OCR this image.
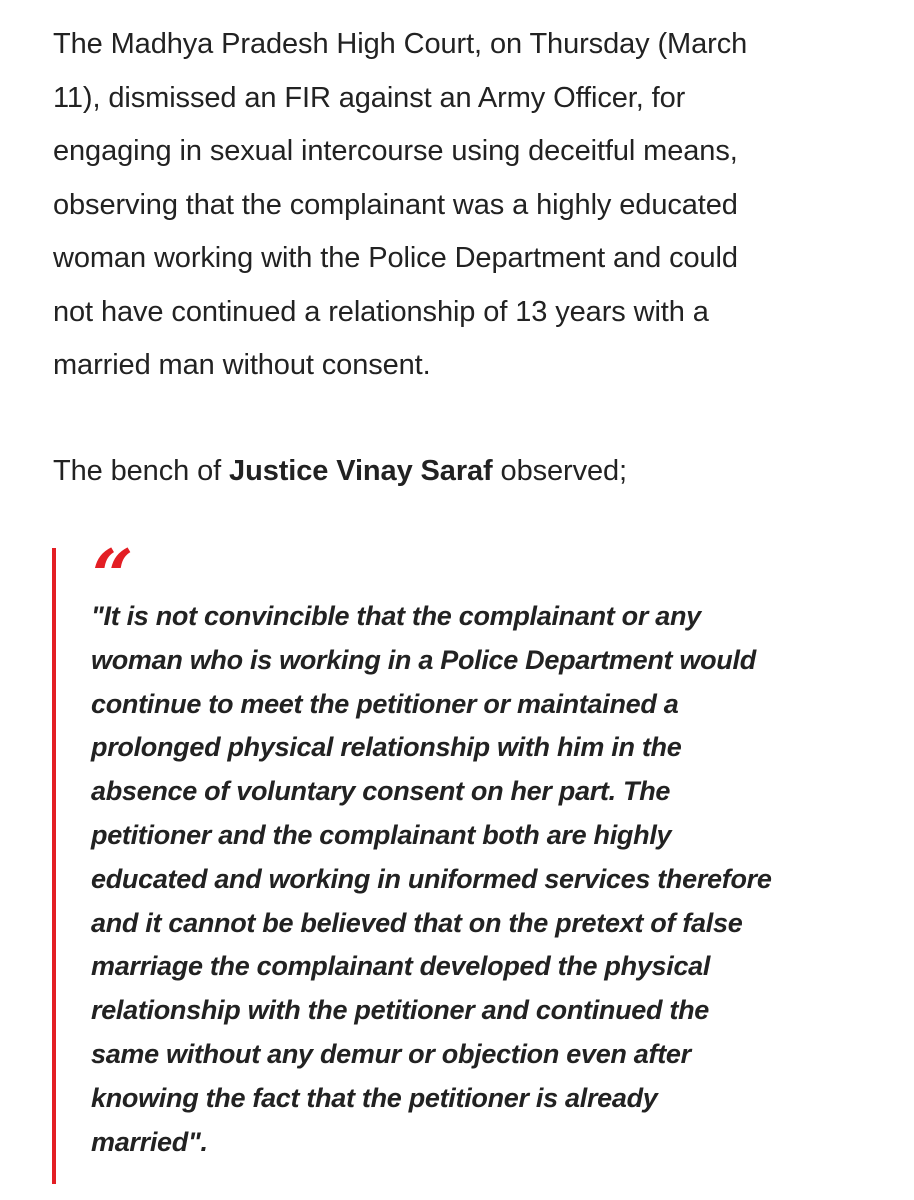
The Madhya Pradesh High Court, on Thursday (March
11), dismissed an FIR against an Army Officer, for
engaging in sexual intercourse using deceitful means,
observing that the complainant was a highly educated
woman working with the Police Department and could
not have continued a relationship of 13 years with a
married man without consent.

The bench of Justice Vinay Saraf observed;

“

"It is not convincible that the complainant or any
woman who is working in a Police Department would
continue to meet the petitioner or maintained a
prolonged physical relationship with him in the
absence of voluntary consent on her part. The
petitioner and the complainant both are highly
educated and working in uniformed services therefore
and it cannot be believed that on the pretext of false
marriage the complainant developed the physical
relationship with the petitioner and continued the
same without any demur or objection even after
knowing the fact that the petitioner is already
married".
